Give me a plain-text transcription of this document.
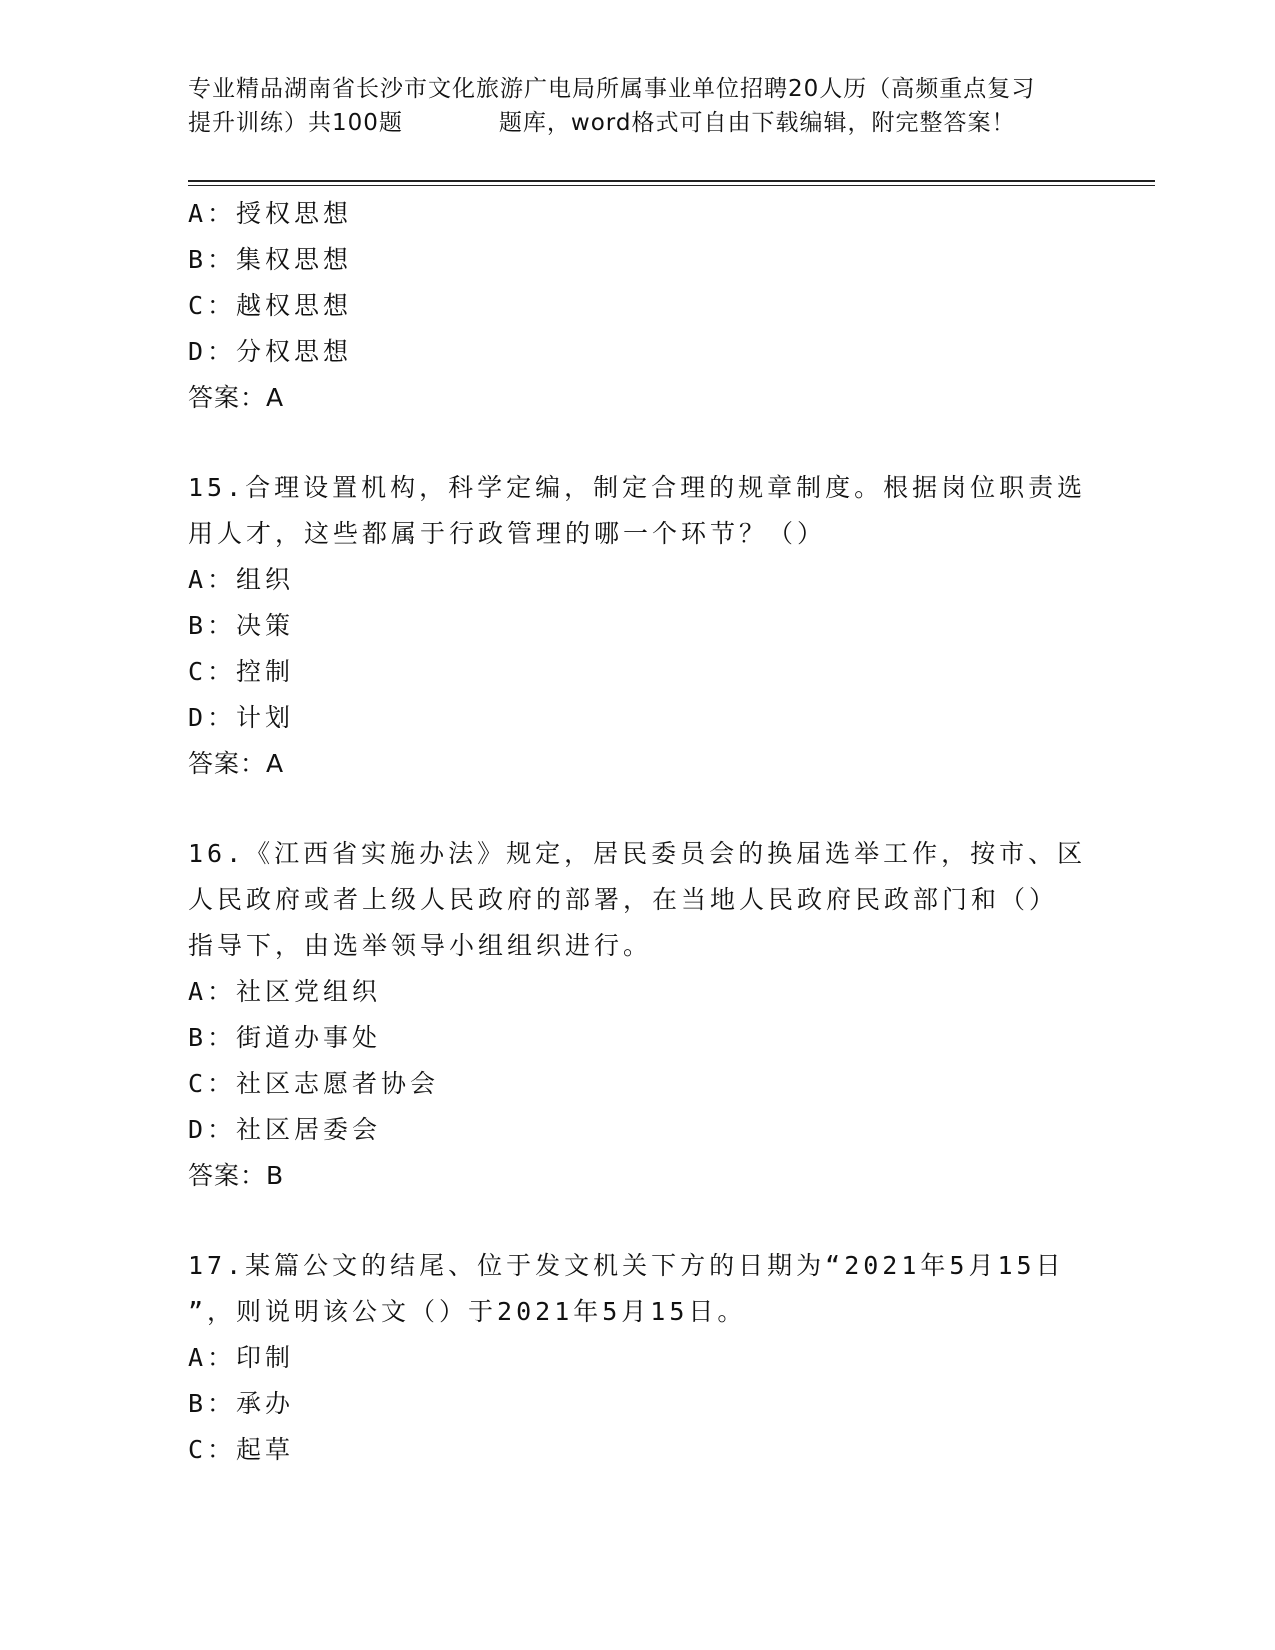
专业精品湖南省长沙市文化旅游广电局所属事业单位招聘20人历（高频重点复习
提升训练）共100题	题库，word格式可自由下载编辑，附完整答案！
A：授权思想
B：集权思想
C：越权思想
D：分权思想
答案：A
15.合理设置机构，科学定编，制定合理的规章制度。根据岗位职责选
用人才，这些都属于行政管理的哪一个环节？（）
A：组织
B：决策
C：控制
D：计划
答案：A
16.《江西省实施办法》规定，居民委员会的换届选举工作，按市、区
人民政府或者上级人民政府的部署，在当地人民政府民政部门和（）
指导下，由选举领导小组组织进行。
A：社区党组织
B：街道办事处
C：社区志愿者协会
D：社区居委会
答案：B
17.某篇公文的结尾、位于发文机关下方的日期为“2021年5月15日
”，则说明该公文（）于2021年5月15日。
A：印制
B：承办
C：起草
